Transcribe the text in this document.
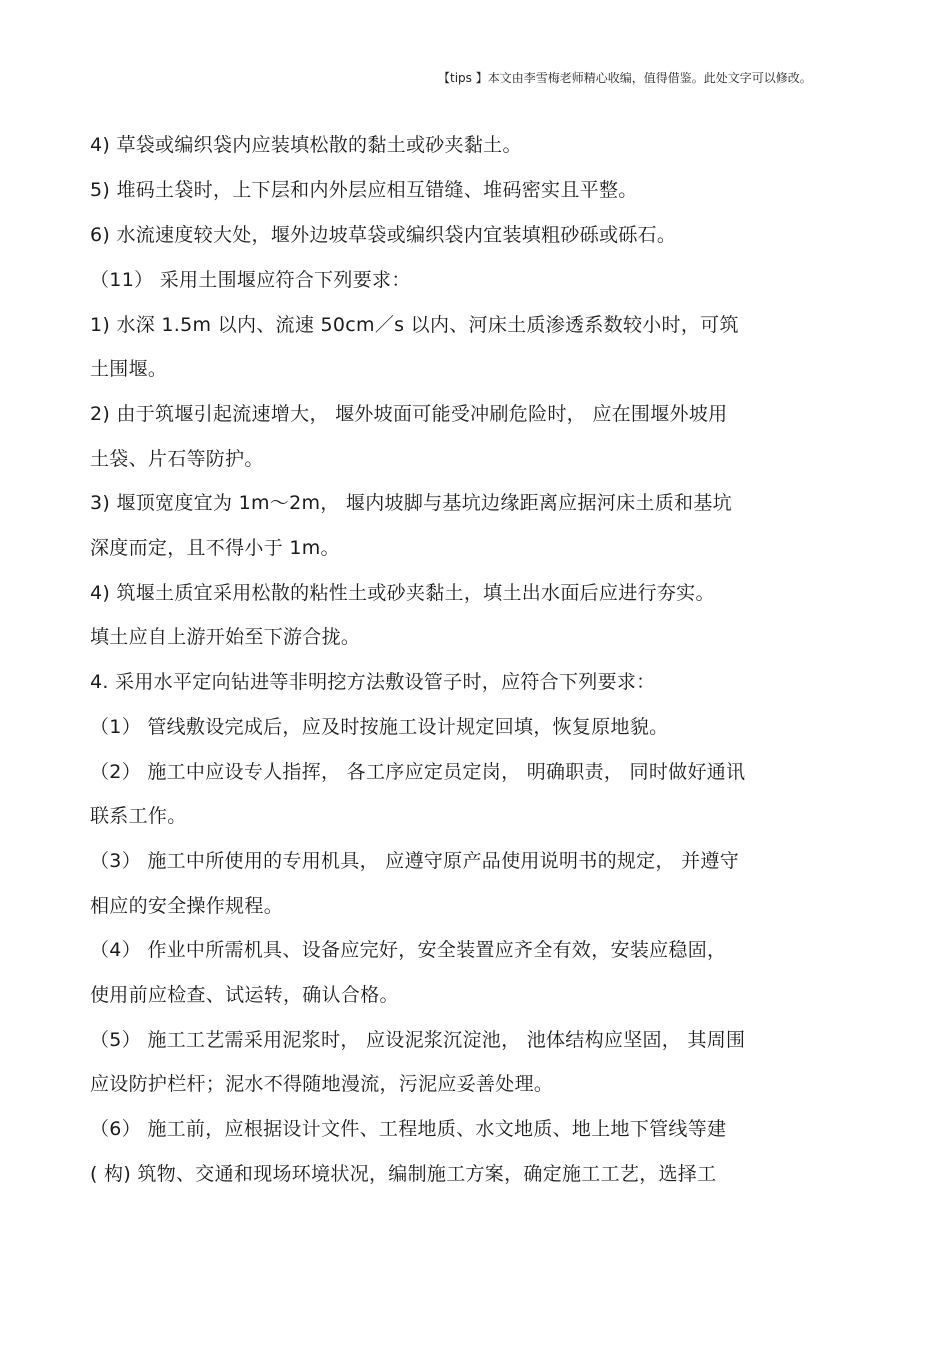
【tips 】本文由李雪梅老师精心收编，值得借鉴。此处文字可以修改。
4) 草袋或编织袋内应装填松散的黏土或砂夹黏土。
5) 堆码土袋时，上下层和内外层应相互错缝、堆码密实且平整。
6) 水流速度较大处，堰外边坡草袋或编织袋内宜装填粗砂砾或砾石。
（11） 采用土围堰应符合下列要求：
1) 水深 1.5m 以内、流速 50cm／s 以内、河床土质渗透系数较小时，可筑
土围堰。
2) 由于筑堰引起流速增大， 堰外坡面可能受冲刷危险时， 应在围堰外坡用
土袋、片石等防护。
3) 堰顶宽度宜为 1m～2m， 堰内坡脚与基坑边缘距离应据河床土质和基坑
深度而定，且不得小于 1m。
4) 筑堰土质宜采用松散的粘性土或砂夹黏土，填土出水面后应进行夯实。
填土应自上游开始至下游合拢。
4. 采用水平定向钻进等非明挖方法敷设管子时，应符合下列要求：
（1） 管线敷设完成后，应及时按施工设计规定回填，恢复原地貌。
（2） 施工中应设专人指挥， 各工序应定员定岗， 明确职责， 同时做好通讯
联系工作。
（3） 施工中所使用的专用机具， 应遵守原产品使用说明书的规定， 并遵守
相应的安全操作规程。
（4） 作业中所需机具、设备应完好，安全装置应齐全有效，安装应稳固，
使用前应检查、试运转，确认合格。
（5） 施工工艺需采用泥浆时， 应设泥浆沉淀池， 池体结构应坚固， 其周围
应设防护栏杆；泥水不得随地漫流，污泥应妥善处理。
（6） 施工前，应根据设计文件、工程地质、水文地质、地上地下管线等建
( 构) 筑物、交通和现场环境状况，编制施工方案，确定施工工艺，选择工
